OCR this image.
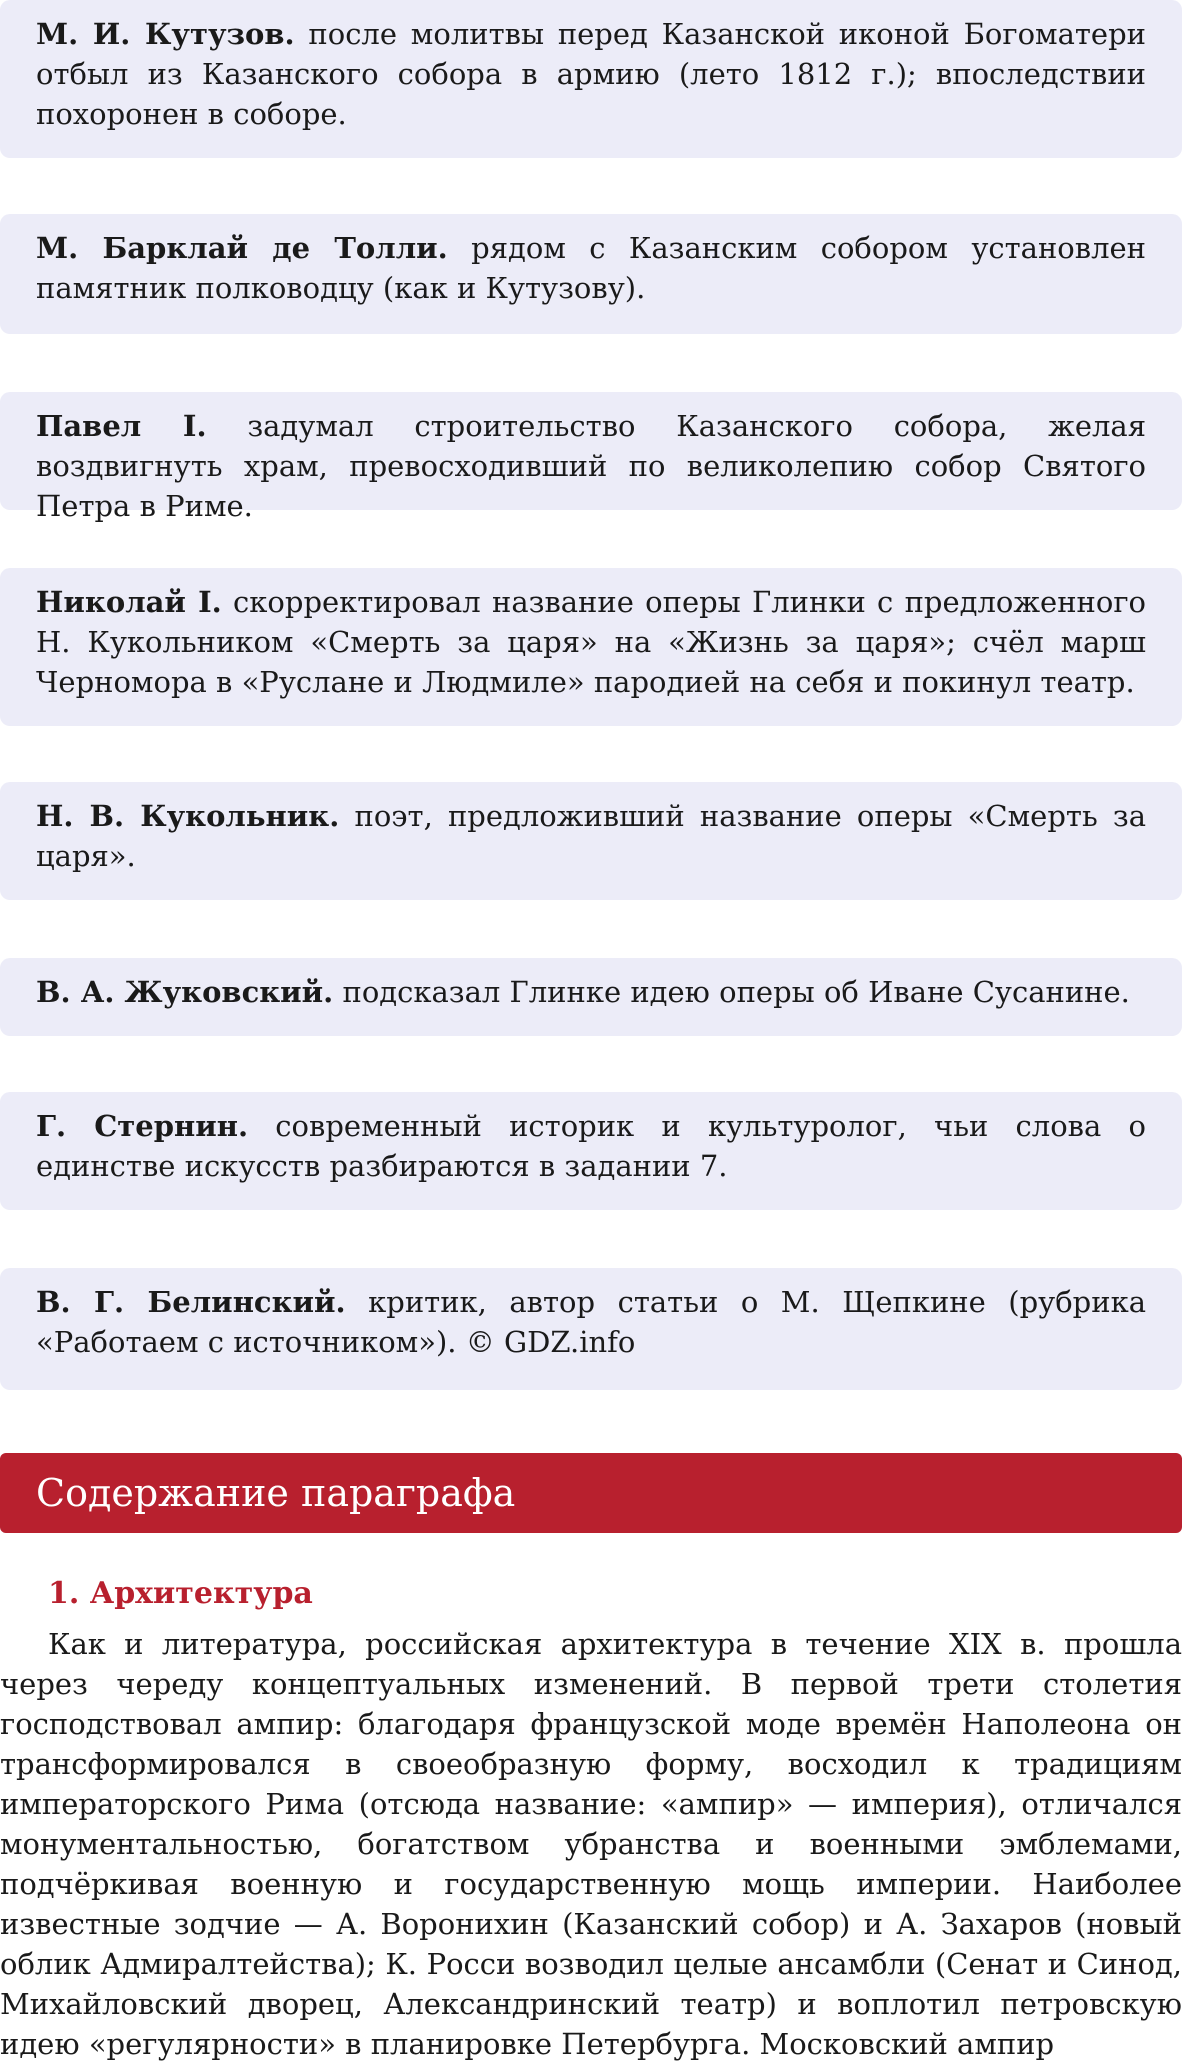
М. И. Кутузов. после молитвы перед Казанской иконой Богоматери отбыл из Казанского собора в армию (лето 1812 г.); впоследствии похоронен в соборе.
М. Барклай де Толли. рядом с Казанским собором установлен памятник полководцу (как и Кутузову).
Павел I. задумал строительство Казанского собора, желая воздвигнуть храм, превосходивший по великолепию собор Святого Петра в Риме.
Николай I. скорректировал название оперы Глинки с предложенного Н. Кукольником «Смерть за царя» на «Жизнь за царя»; счёл марш Черномора в «Руслане и Людмиле» пародией на себя и покинул театр.
Н. В. Кукольник. поэт, предложивший название оперы «Смерть за царя».
В. А. Жуковский. подсказал Глинке идею оперы об Иване Сусанине.
Г. Стернин. современный историк и культуролог, чьи слова о единстве искусств разбираются в задании 7.
В. Г. Белинский. критик, автор статьи о М. Щепкине (рубрика «Работаем с источником»). © GDZ.info
Содержание параграфа
1. Архитектура

Как и литература, российская архитектура в течение XIX в. прошла через череду концептуальных изменений. В первой трети столетия господствовал ампир: благодаря французской моде времён Наполеона он трансформировался в своеобразную форму, восходил к традициям императорского Рима (отсюда название: «ампир» — империя), отличался монументальностью, богатством убранства и военными эмблемами, подчёркивая военную и государственную мощь империи. Наиболее известные зодчие — А. Воронихин (Казанский собор) и А. Захаров (новый облик Адмиралтейства); К. Росси возводил целые ансамбли (Сенат и Синод, Михайловский дворец, Александринский театр) и воплотил петровскую идею «регулярности» в планировке Петербурга. Московский ампир
